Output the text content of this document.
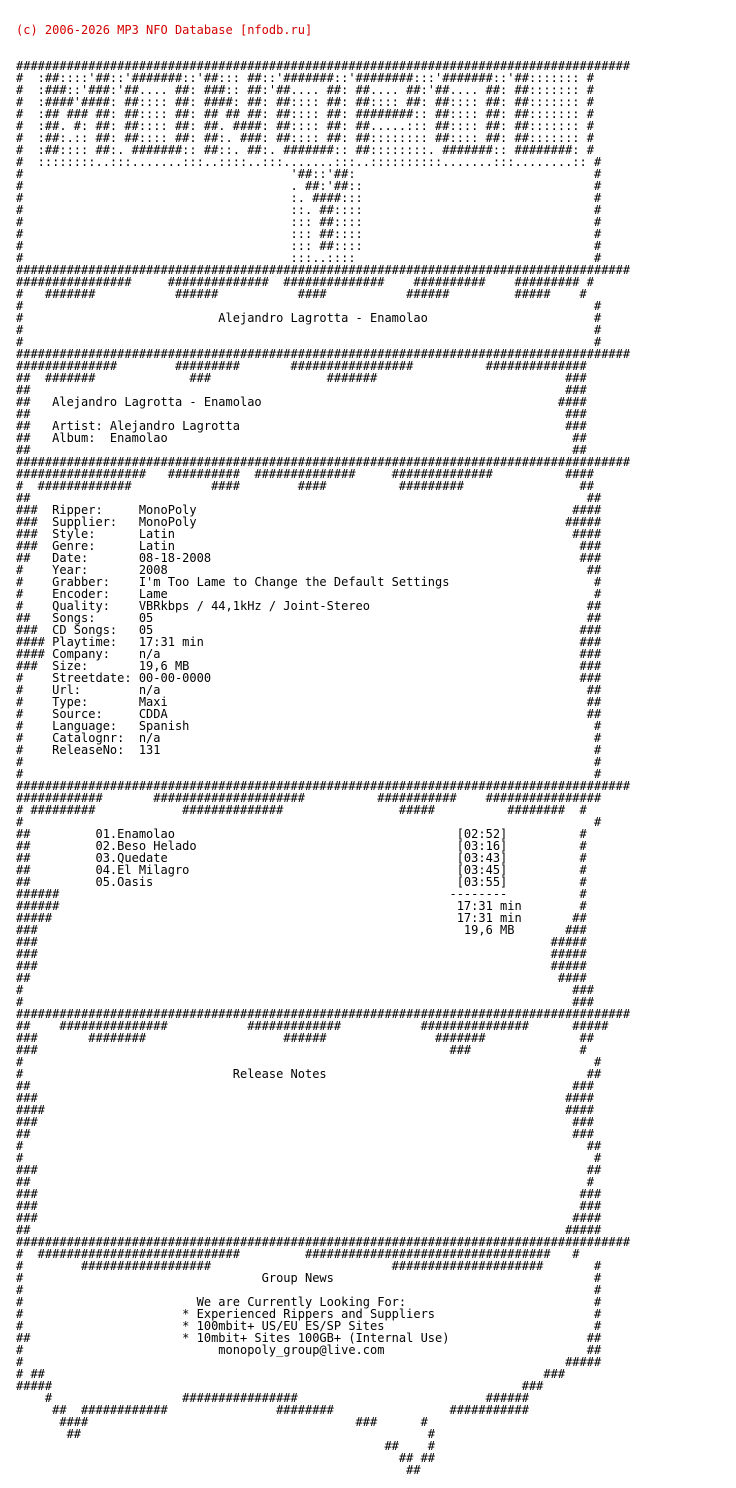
(c) 2006-2026 MP3 NFO Database [nfodb.ru]

#####################################################################################
#  :##::::'##::'#######::'##::: ##::'#######::'########:::'#######::'##::::::: #
#  :###::'###:'##.... ##: ###:: ##:'##.... ##: ##.... ##:'##.... ##: ##::::::: #
#  :####'####: ##:::: ##: ####: ##: ##:::: ##: ##:::: ##: ##:::: ##: ##::::::: #
#  :## ### ##: ##:::: ##: ## ## ##: ##:::: ##: ########:: ##:::: ##: ##::::::: #
#  :##. #: ##: ##:::: ##: ##. ####: ##:::: ##: ##.....::: ##:::: ##: ##::::::: #
#  :##:.:: ##: ##:::: ##: ##:. ###: ##:::: ##: ##:::::::: ##:::: ##: ##::::::: #
#  :##:::: ##:. #######:: ##::. ##:. #######:: ##::::::::. #######:: ########: #
#  ::::::::..:::.......:::..::::..:::.......:::..::::::::::.......:::........:: #
#                                     '##::'##:                                 #
#                                     . ##:'##::                                #
#                                     :. ####:::                                #
#                                     ::. ##::::                                #
#                                     ::: ##::::                                #
#                                     ::: ##::::                                #
#                                     ::: ##::::                                #
#                                     :::..::::                                 #
#####################################################################################
################     ##############  ##############    ##########    ######### #
#   #######           ######           ####           ######         #####    #
#                                                                               #
#                           Alejandro Lagrotta - Enamolao                       #
#                                                                               #
#                                                                               #
#####################################################################################
##############        #########       #################          ##############
##  #######             ###                #######                          ###
##                                                                          ###
##   Alejandro Lagrotta - Enamolao                                         ####
##                                                                          ###
##   Artist: Alejandro Lagrotta                                             ###
##   Album:  Enamolao                                                        ##
##                                                                           ##
#####################################################################################
##################   ##########  ##############     ##############          ####
#  #############           ####        ####          #########                ##
##                                                                             ##
###  Ripper:     MonoPoly                                                    ####
###  Supplier:   MonoPoly                                                   #####
###  Style:      Latin                                                       ####
###  Genre:      Latin                                                        ###
##   Date:       08-18-2008                                                   ###
#    Year:       2008                                                          ##
#    Grabber:    I'm Too Lame to Change the Default Settings                    #
#    Encoder:    Lame                                                           #
#    Quality:    VBRkbps / 44,1kHz / Joint-Stereo                              ##
##   Songs:      05                                                            ##
###  CD Songs:   05                                                           ###
#### Playtime:   17:31 min                                                    ###
#### Company:    n/a                                                          ###
###  Size:       19,6 MB                                                      ###
#    Streetdate: 00-00-0000                                                   ###
#    Url:        n/a                                                           ##
#    Type:       Maxi                                                          ##
#    Source:     CDDA                                                          ##
#    Language:   Spanish                                                        #
#    Catalognr:  n/a                                                            #
#    ReleaseNo:  131                                                            #
#                                                                               #
#                                                                               #
#####################################################################################
############       #####################          ###########    ################
# #########            ##############                #####          ########  #
#                                                                               #
##         01.Enamolao                                       [02:52]          #
##         02.Beso Helado                                    [03:16]          #
##         03.Quedate                                        [03:43]          #
##         04.El Milagro                                     [03:45]          #
##         05.Oasis                                          [03:55]          #
######                                                      --------          #
######                                                       17:31 min        #
#####                                                        17:31 min       ##
###                                                           19,6 MB       ###
###                                                                       #####
###                                                                       #####
###                                                                       #####
##                                                                         ####
#                                                                            ###
#                                                                            ###
#####################################################################################
##    ###############           #############           ###############      #####
###       ########                   ######               #######             ##
###                                                         ###               #
#                                                                               #
#                             Release Notes                                    ##
##                                                                           ###
###                                                                         ####
####                                                                        ####
###                                                                          ###
##                                                                           ###
#                                                                              ##
#                                                                               #
###                                                                            ##
##                                                                             #
###                                                                           ###
###                                                                           ###
###                                                                          ####
##                                                                          #####
#####################################################################################
#  ############################         ##################################   #
#        ##################                         #####################       #
#                                 Group News                                    #
#                                                                               #
#                        We are Currently Looking For:                          #
#                      * Experienced Rippers and Suppliers                      #
#                      * 100mbit+ US/EU ES/SP Sites                             #
##                     * 10mbit+ Sites 100GB+ (Internal Use)                   ##
#                           monopoly_group@live.com                            ##
#                                                                           #####
# ##                                                                     ###
#####                                                                 ###
#                  ################                          ######
##  ############               ########                ###########
####                                     ###      #
##                                                #
##    #
## ##
##
